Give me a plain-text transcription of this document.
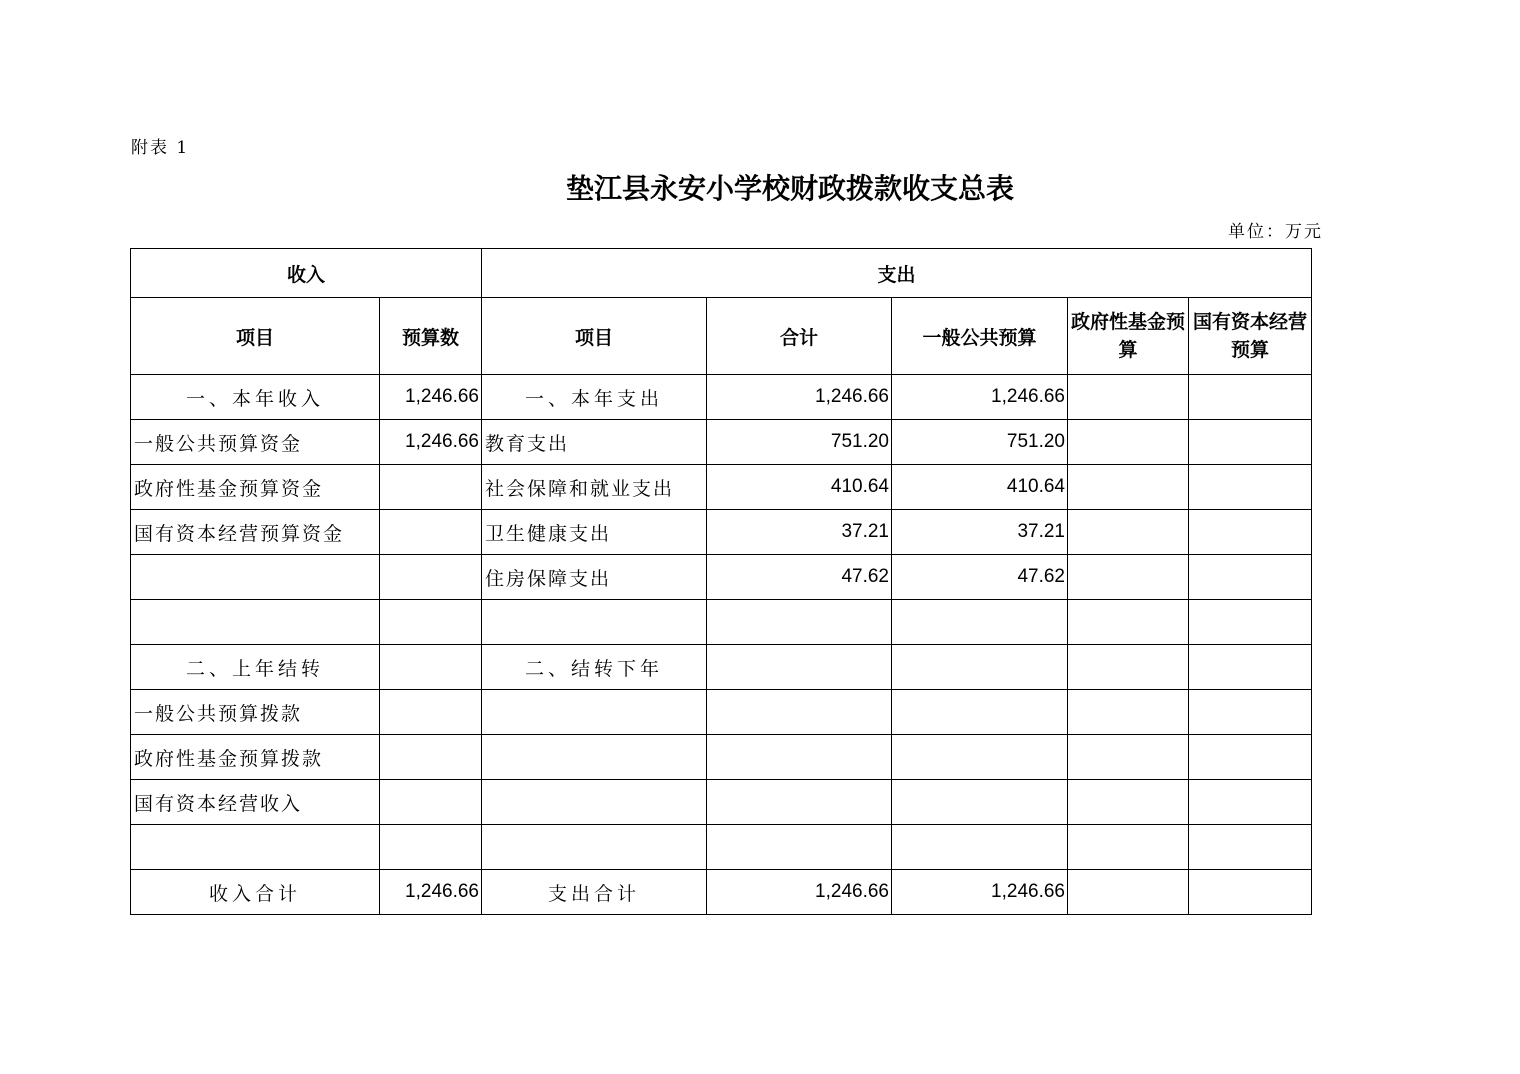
附表 1
垫江县永安小学校财政拨款收支总表
单位：万元
收入		支出				
项目	预算数	项目	合计	一般公共预算	政府性基金预算	国有资本经营预算
一、本年收入	1,246.66	一、本年支出	1,246.66	1,246.66		
一般公共预算资金	1,246.66	教育支出	751.20	751.20		
政府性基金预算资金		社会保障和就业支出	410.64	410.64		
国有资本经营预算资金		卫生健康支出	37.21	37.21		
		住房保障支出	47.62	47.62		

二、上年结转		二、结转下年				
一般公共预算拨款						
政府性基金预算拨款						
国有资本经营收入						

收入合计	1,246.66	支出合计	1,246.66	1,246.66		
